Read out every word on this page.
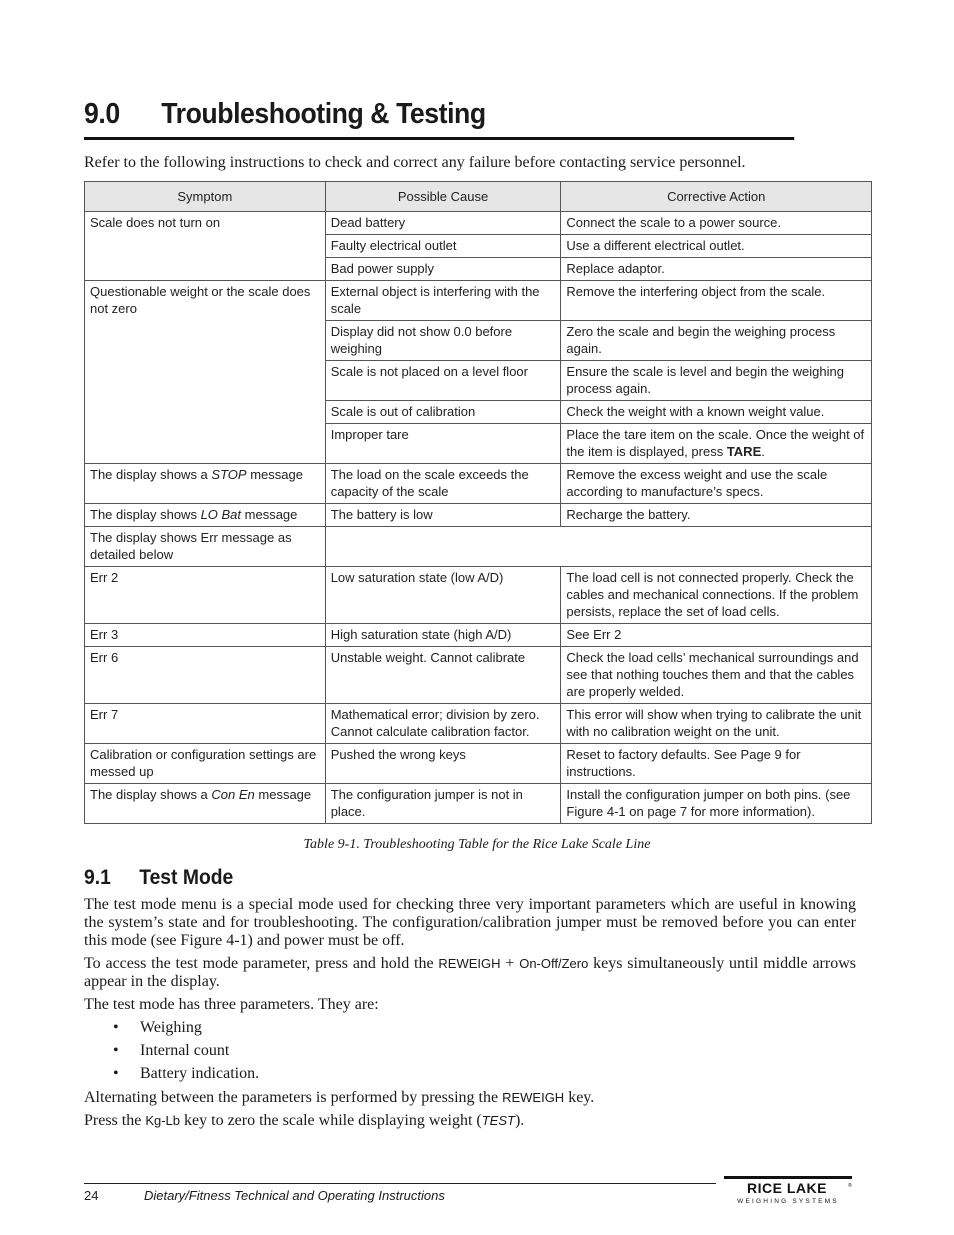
9.0 Troubleshooting & Testing
Refer to the following instructions to check and correct any failure before contacting service personnel.
Symptom	Possible Cause	Corrective Action
Scale does not turn on	Dead battery	Connect the scale to a power source.
	Faulty electrical outlet	Use a different electrical outlet.
	Bad power supply	Replace adaptor.
Questionable weight or the scale does not zero	External object is interfering with the scale	Remove the interfering object from the scale.
	Display did not show 0.0 before weighing	Zero the scale and begin the weighing process again.
	Scale is not placed on a level floor	Ensure the scale is level and begin the weighing process again.
	Scale is out of calibration	Check the weight with a known weight value.
	Improper tare	Place the tare item on the scale. Once the weight of the item is displayed, press TARE.
The display shows a STOP message	The load on the scale exceeds the capacity of the scale	Remove the excess weight and use the scale according to manufacture’s specs.
The display shows LO Bat message	The battery is low	Recharge the battery.
The display shows Err message as detailed below		
Err 2	Low saturation state (low A/D)	The load cell is not connected properly. Check the cables and mechanical connections. If the problem persists, replace the set of load cells.
Err 3	High saturation state (high A/D)	See Err 2
Err 6	Unstable weight. Cannot calibrate	Check the load cells’ mechanical surroundings and see that nothing touches them and that the cables are properly welded.
Err 7	Mathematical error; division by zero. Cannot calculate calibration factor.	This error will show when trying to calibrate the unit with no calibration weight on the unit.
Calibration or configuration settings are messed up	Pushed the wrong keys	Reset to factory defaults. See Page 9 for instructions.
The display shows a Con En message	The configuration jumper is not in place.	Install the configuration jumper on both pins. (see Figure 4-1 on page 7 for more information).
Table 9-1. Troubleshooting Table for the Rice Lake Scale Line
9.1 Test Mode
The test mode menu is a special mode used for checking three very important parameters which are useful in knowing the system’s state and for troubleshooting. The configuration/calibration jumper must be removed before you can enter this mode (see Figure 4-1) and power must be off.
To access the test mode parameter, press and hold the REWEIGH + On-Off/Zero keys simultaneously until middle arrows appear in the display.
The test mode has three parameters. They are:
• Weighing
• Internal count
• Battery indication.
Alternating between the parameters is performed by pressing the REWEIGH key.
Press the Kg-Lb key to zero the scale while displaying weight (TEST).
24	Dietary/Fitness Technical and Operating Instructions	RICE LAKE	®
WEIGHING SYSTEMS
